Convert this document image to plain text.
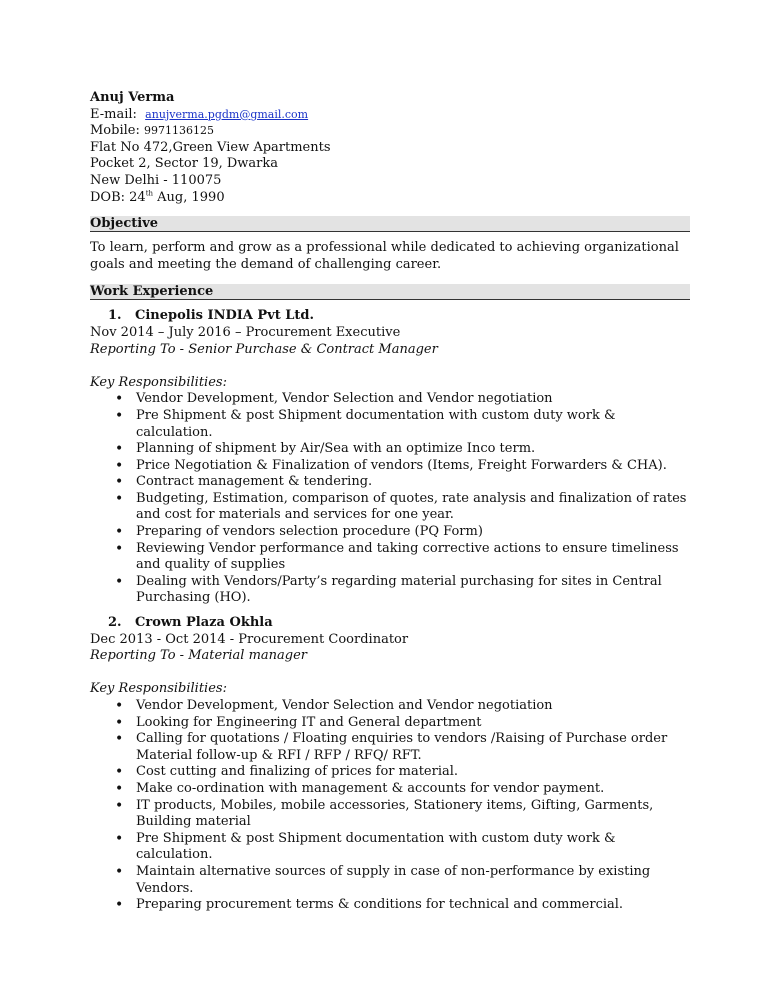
Anuj Verma
E-mail: anujverma.pgdm@gmail.com
Mobile: 9971136125
Flat No 472,Green View Apartments
Pocket 2, Sector 19, Dwarka
New Delhi - 110075
DOB: 24th Aug, 1990
Objective
To learn, perform and grow as a professional while dedicated to achieving organizational goals and meeting the demand of challenging career.
Work Experience
1. Cinepolis INDIA Pvt Ltd.
Nov 2014 – July 2016 – Procurement Executive
Reporting To - Senior Purchase & Contract Manager
Key Responsibilities:
• Vendor Development, Vendor Selection and Vendor negotiation
• Pre Shipment & post Shipment documentation with custom duty work & calculation.
• Planning of shipment by Air/Sea with an optimize Inco term.
• Price Negotiation & Finalization of vendors (Items, Freight Forwarders & CHA).
• Contract management & tendering.
• Budgeting, Estimation, comparison of quotes, rate analysis and finalization of rates and cost for materials and services for one year.
• Preparing of vendors selection procedure (PQ Form)
• Reviewing Vendor performance and taking corrective actions to ensure timeliness and quality of supplies
• Dealing with Vendors/Party’s regarding material purchasing for sites in Central Purchasing (HO).
2. Crown Plaza Okhla
Dec 2013 - Oct 2014 - Procurement Coordinator
Reporting To - Material manager
Key Responsibilities:
• Vendor Development, Vendor Selection and Vendor negotiation
• Looking for Engineering IT and General department
• Calling for quotations / Floating enquiries to vendors /Raising of Purchase order Material follow-up & RFI / RFP / RFQ/ RFT.
• Cost cutting and finalizing of prices for material.
• Make co-ordination with management & accounts for vendor payment.
• IT products, Mobiles, mobile accessories, Stationery items, Gifting, Garments, Building material
• Pre Shipment & post Shipment documentation with custom duty work & calculation.
• Maintain alternative sources of supply in case of non-performance by existing Vendors.
• Preparing procurement terms & conditions for technical and commercial.
